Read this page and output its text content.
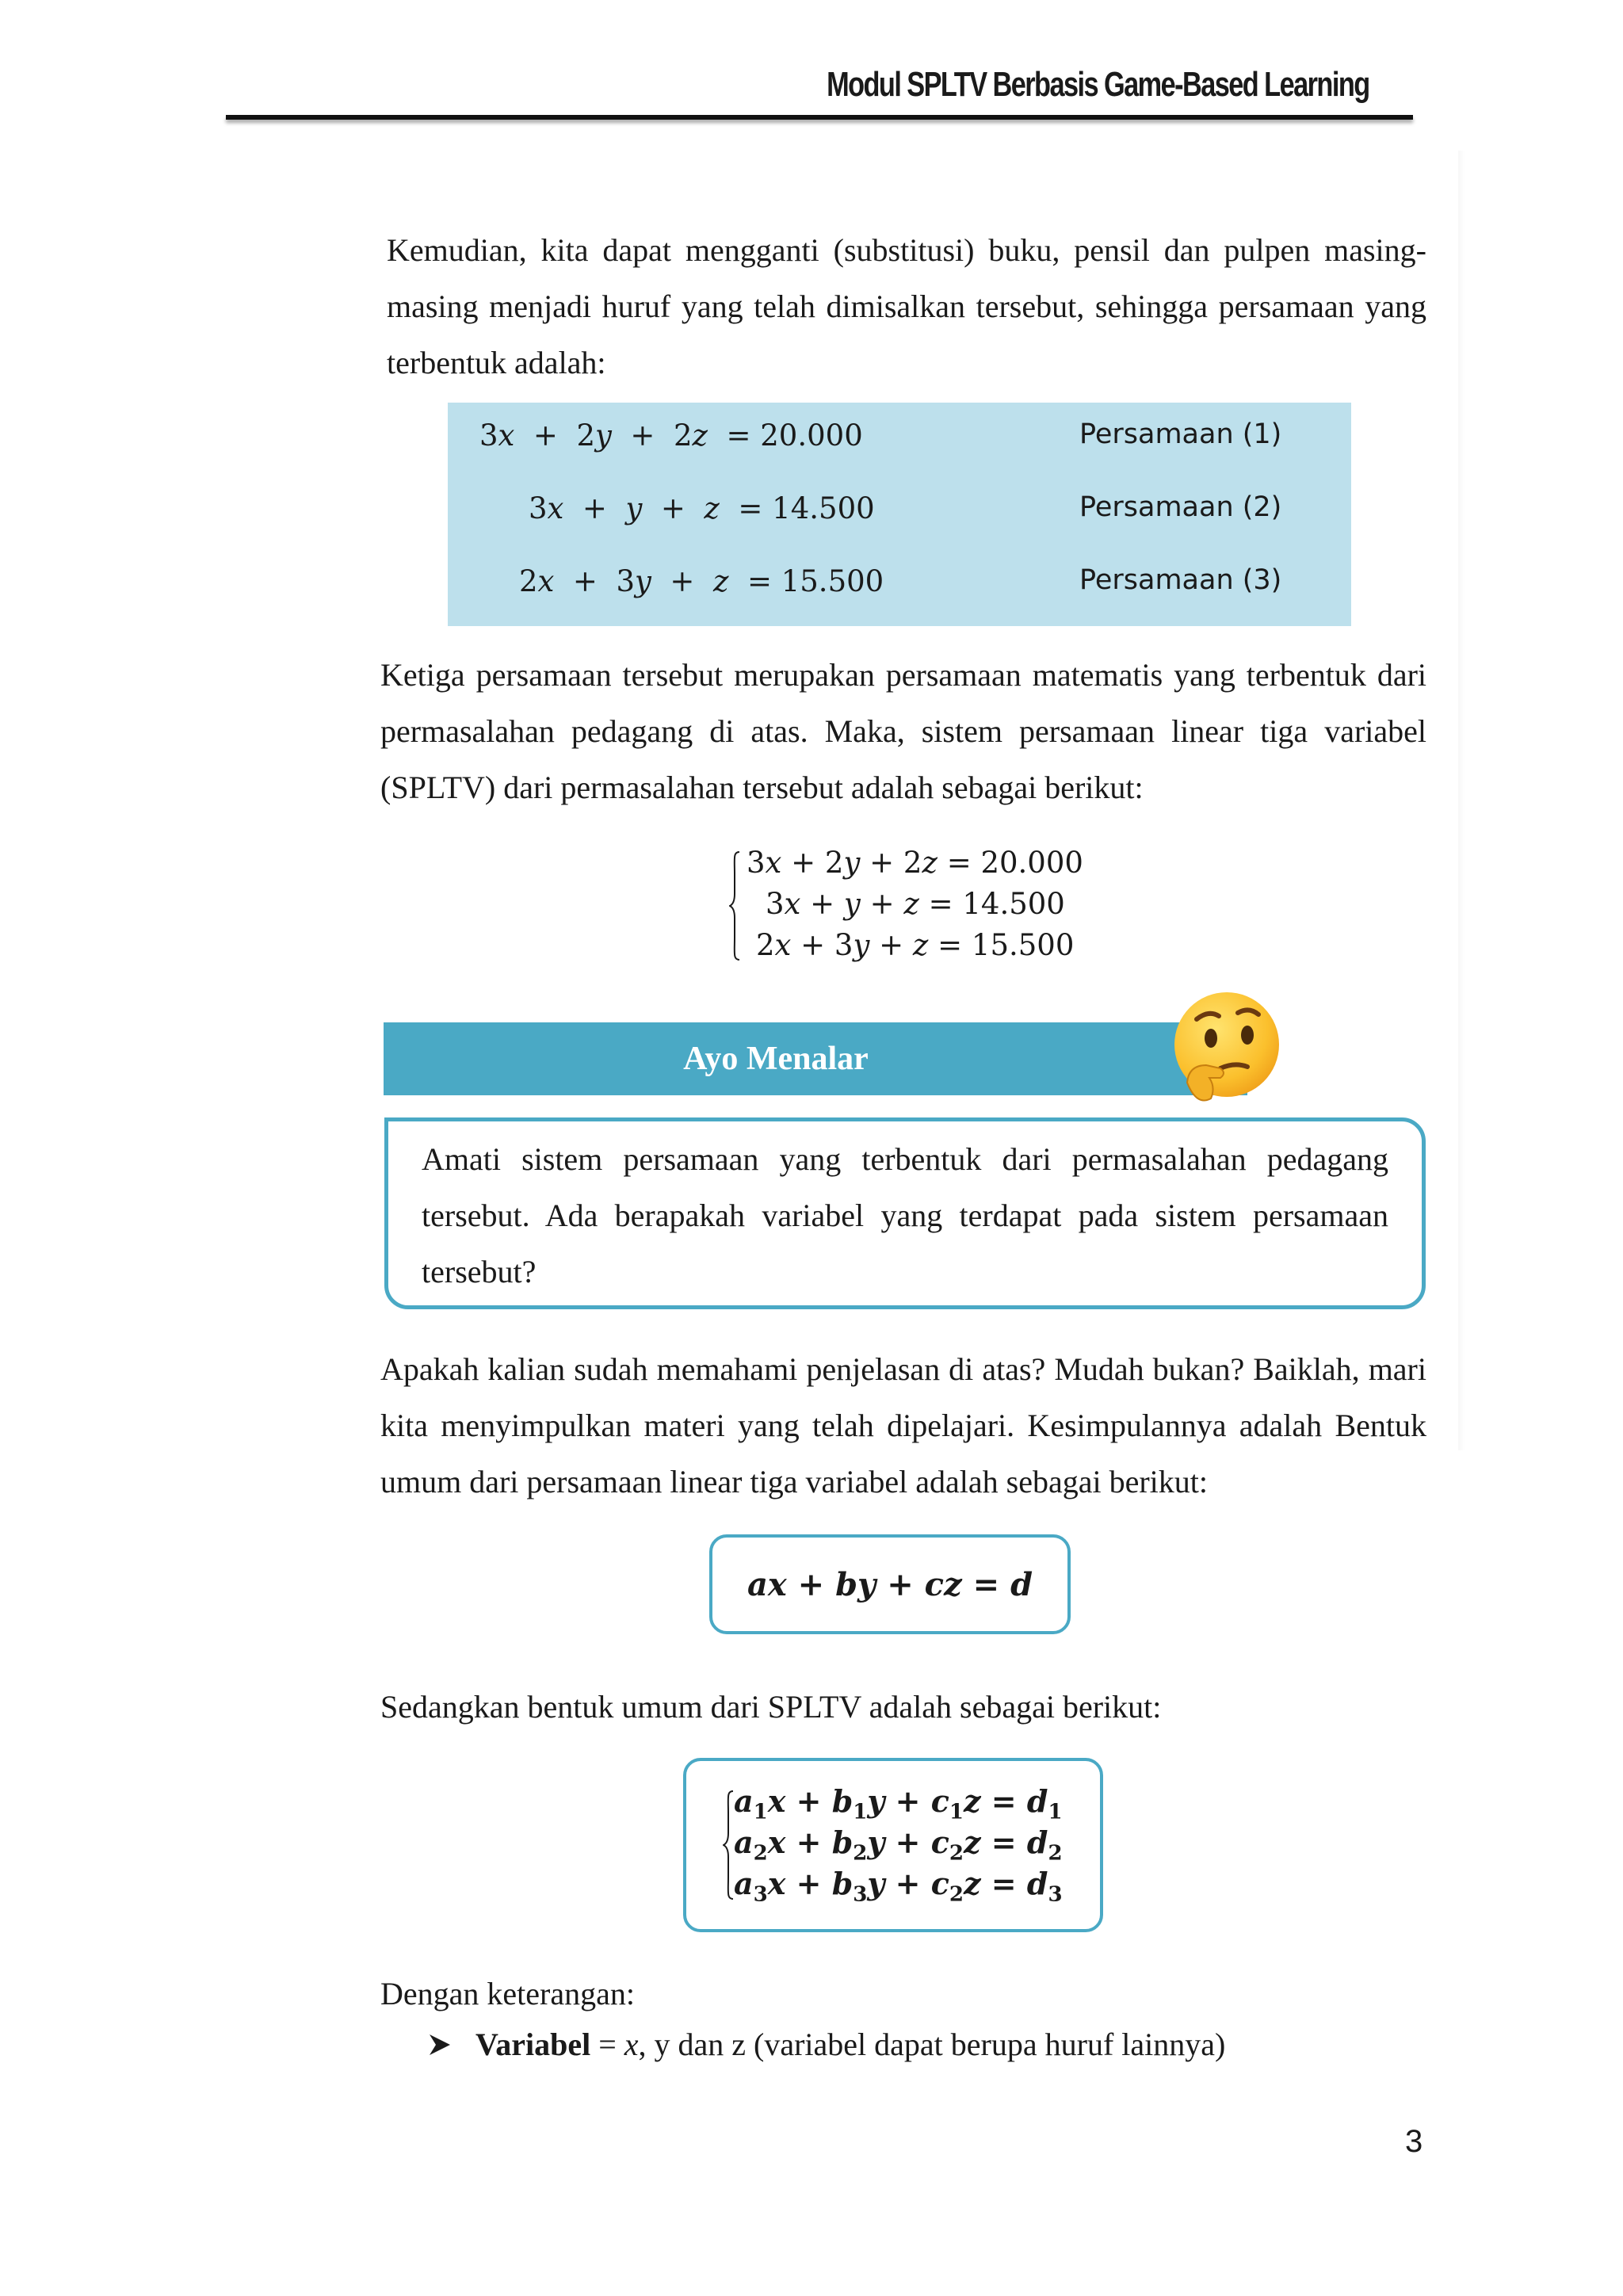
Modul SPLTV Berbasis Game-Based Learning

Kemudian, kita dapat mengganti (substitusi) buku, pensil dan pulpen masing-masing menjadi huruf yang telah dimisalkan tersebut, sehingga persamaan yang terbentuk adalah:

3𝑥  +  2𝑦  +  2𝑧  = 20.000	Persamaan (1)
3𝑥  +  𝑦  +  𝑧  = 14.500	Persamaan (2)
2𝑥  +  3𝑦  +  𝑧  = 15.500	Persamaan (3)

Ketiga persamaan tersebut merupakan persamaan matematis yang terbentuk dari permasalahan pedagang di atas. Maka, sistem persamaan linear tiga variabel (SPLTV) dari permasalahan tersebut adalah sebagai berikut:

3𝑥 + 2𝑦 + 2𝑧 = 20.000
3𝑥 + 𝑦 + 𝑧 = 14.500
2𝑥 + 3𝑦 + 𝑧 = 15.500
Ayo Menalar

Amati sistem persamaan yang terbentuk dari permasalahan pedagang tersebut. Ada berapakah variabel yang terdapat pada sistem persamaan tersebut?

Apakah kalian sudah memahami penjelasan di atas? Mudah bukan? Baiklah, mari kita menyimpulkan materi yang telah dipelajari. Kesimpulannya adalah Bentuk umum dari persamaan linear tiga variabel adalah sebagai berikut:

𝒂𝒙 + 𝒃𝒚 + 𝒄𝒛 = 𝒅

Sedangkan bentuk umum dari SPLTV adalah sebagai berikut:

$a_1x + b_1y + c_1z = d_1$
$a_2x + b_2y + c_2z = d_2$
$a_3x + b_3y + c_2z = d_3$

Dengan keterangan:

Variabel = x, y dan z (variabel dapat berupa huruf lainnya)
3
